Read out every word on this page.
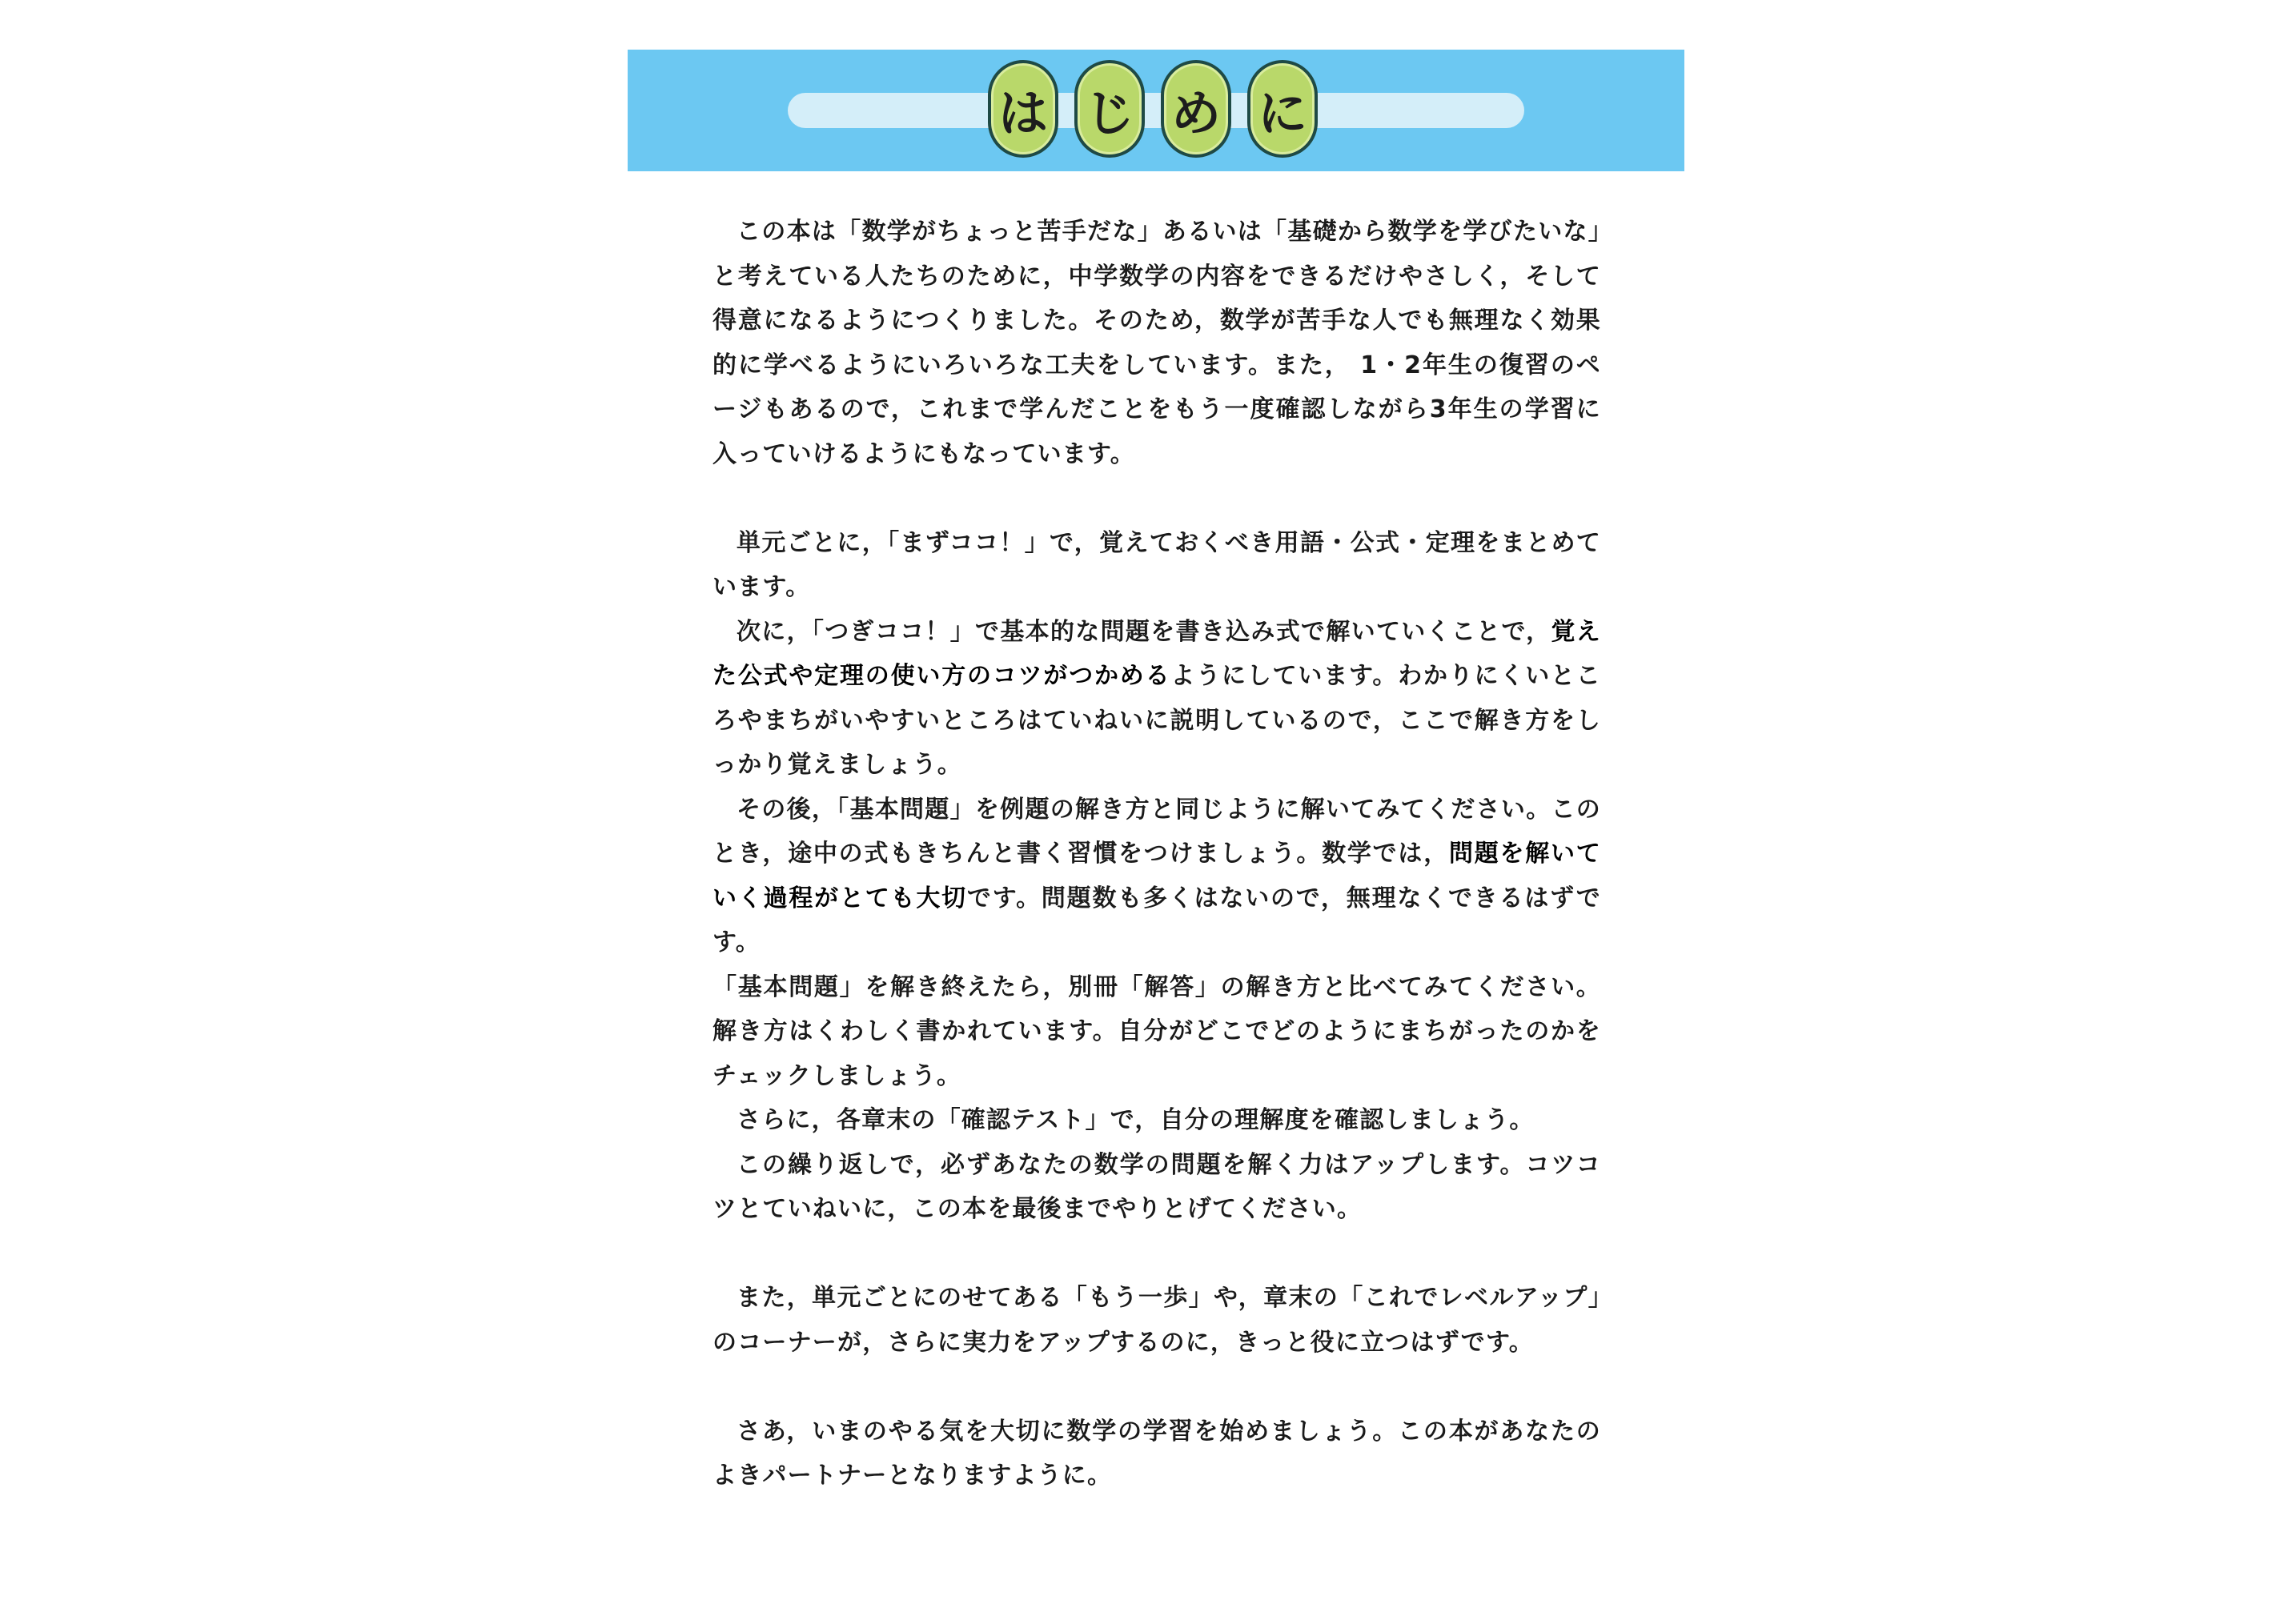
は じ め に

この本は「数学がちょっと苦手だな」あるいは「基礎から数学を学びたいな」と考えている人たちのために，中学数学の内容をできるだけやさしく，そして得意になるようにつくりました。そのため，数学が苦手な人でも無理なく効果的に学べるようにいろいろな工夫をしています。また， 1・2年生の復習のページもあるので，これまで学んだことをもう一度確認しながら3年生の学習に入っていけるようにもなっています。

単元ごとに，「まずココ！」で，覚えておくべき用語・公式・定理をまとめています。

次に，「つぎココ！」で基本的な問題を書き込み式で解いていくことで，覚えた公式や定理の使い方のコツがつかめるようにしています。わかりにくいところやまちがいやすいところはていねいに説明しているので，ここで解き方をしっかり覚えましょう。

その後，「基本問題」を例題の解き方と同じように解いてみてください。このとき，途中の式もきちんと書く習慣をつけましょう。数学では，問題を解いていく過程がとても大切です。問題数も多くはないので，無理なくできるはずです。

「基本問題」を解き終えたら，別冊「解答」の解き方と比べてみてください。解き方はくわしく書かれています。自分がどこでどのようにまちがったのかをチェックしましょう。

さらに，各章末の「確認テスト」で，自分の理解度を確認しましょう。

この繰り返しで，必ずあなたの数学の問題を解く力はアップします。コツコツとていねいに，この本を最後までやりとげてください。

また，単元ごとにのせてある「もう一歩」や，章末の「これでレベルアップ」のコーナーが，さらに実力をアップするのに，きっと役に立つはずです。

さあ，いまのやる気を大切に数学の学習を始めましょう。この本があなたのよきパートナーとなりますように。
